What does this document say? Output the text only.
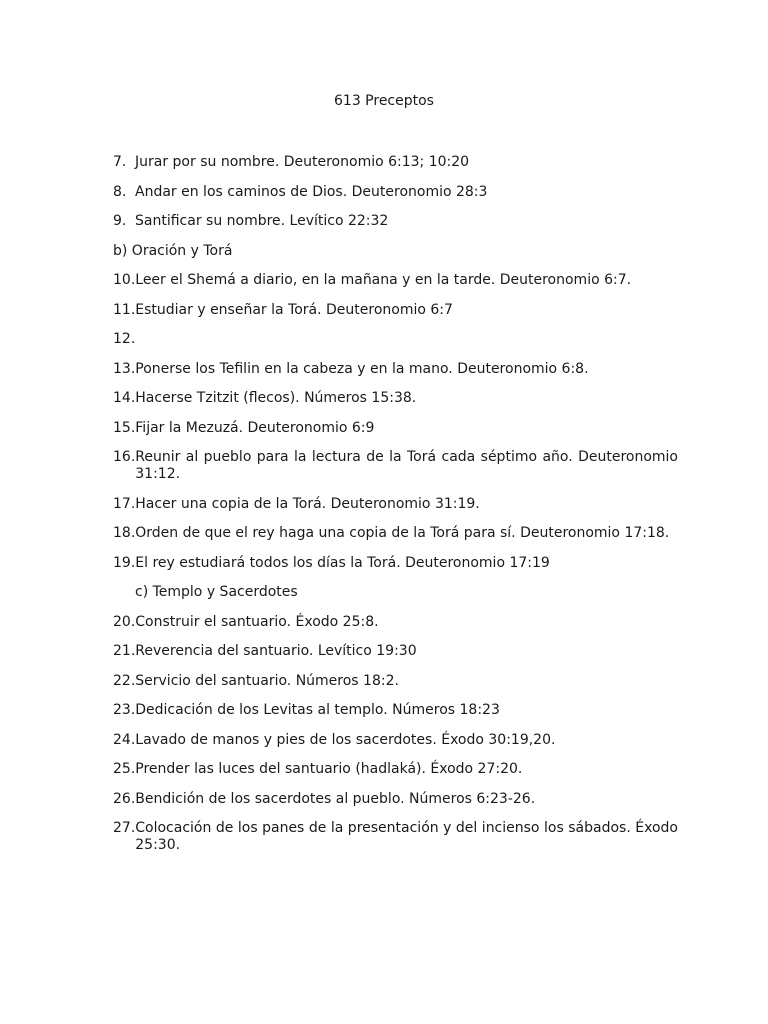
613 Preceptos
7. Jurar por su nombre. Deuteronomio 6:13; 10:20
8. Andar en los caminos de Dios. Deuteronomio 28:3
9. Santificar su nombre. Levítico 22:32
b) Oración y Torá
10. Leer el Shemá a diario, en la mañana y en la tarde. Deuteronomio 6:7.
11. Estudiar y enseñar la Torá. Deuteronomio 6:7
12.
13. Ponerse los Tefilin en la cabeza y en la mano. Deuteronomio 6:8.
14. Hacerse Tzitzit (flecos). Números 15:38.
15. Fijar la Mezuzá. Deuteronomio 6:9
16. Reunir al pueblo para la lectura de la Torá cada séptimo año. Deuteronomio 31:12.
17. Hacer una copia de la Torá. Deuteronomio 31:19.
18. Orden de que el rey haga una copia de la Torá para sí. Deuteronomio 17:18.
19. El rey estudiará todos los días la Torá. Deuteronomio 17:19
c) Templo y Sacerdotes
20. Construir el santuario. Éxodo 25:8.
21. Reverencia del santuario. Levítico 19:30
22. Servicio del santuario. Números 18:2.
23. Dedicación de los Levitas al templo. Números 18:23
24. Lavado de manos y pies de los sacerdotes. Éxodo 30:19,20.
25. Prender las luces del santuario (hadlaká). Éxodo 27:20.
26. Bendición de los sacerdotes al pueblo. Números 6:23-26.
27. Colocación de los panes de la presentación y del incienso los sábados. Éxodo 25:30.
